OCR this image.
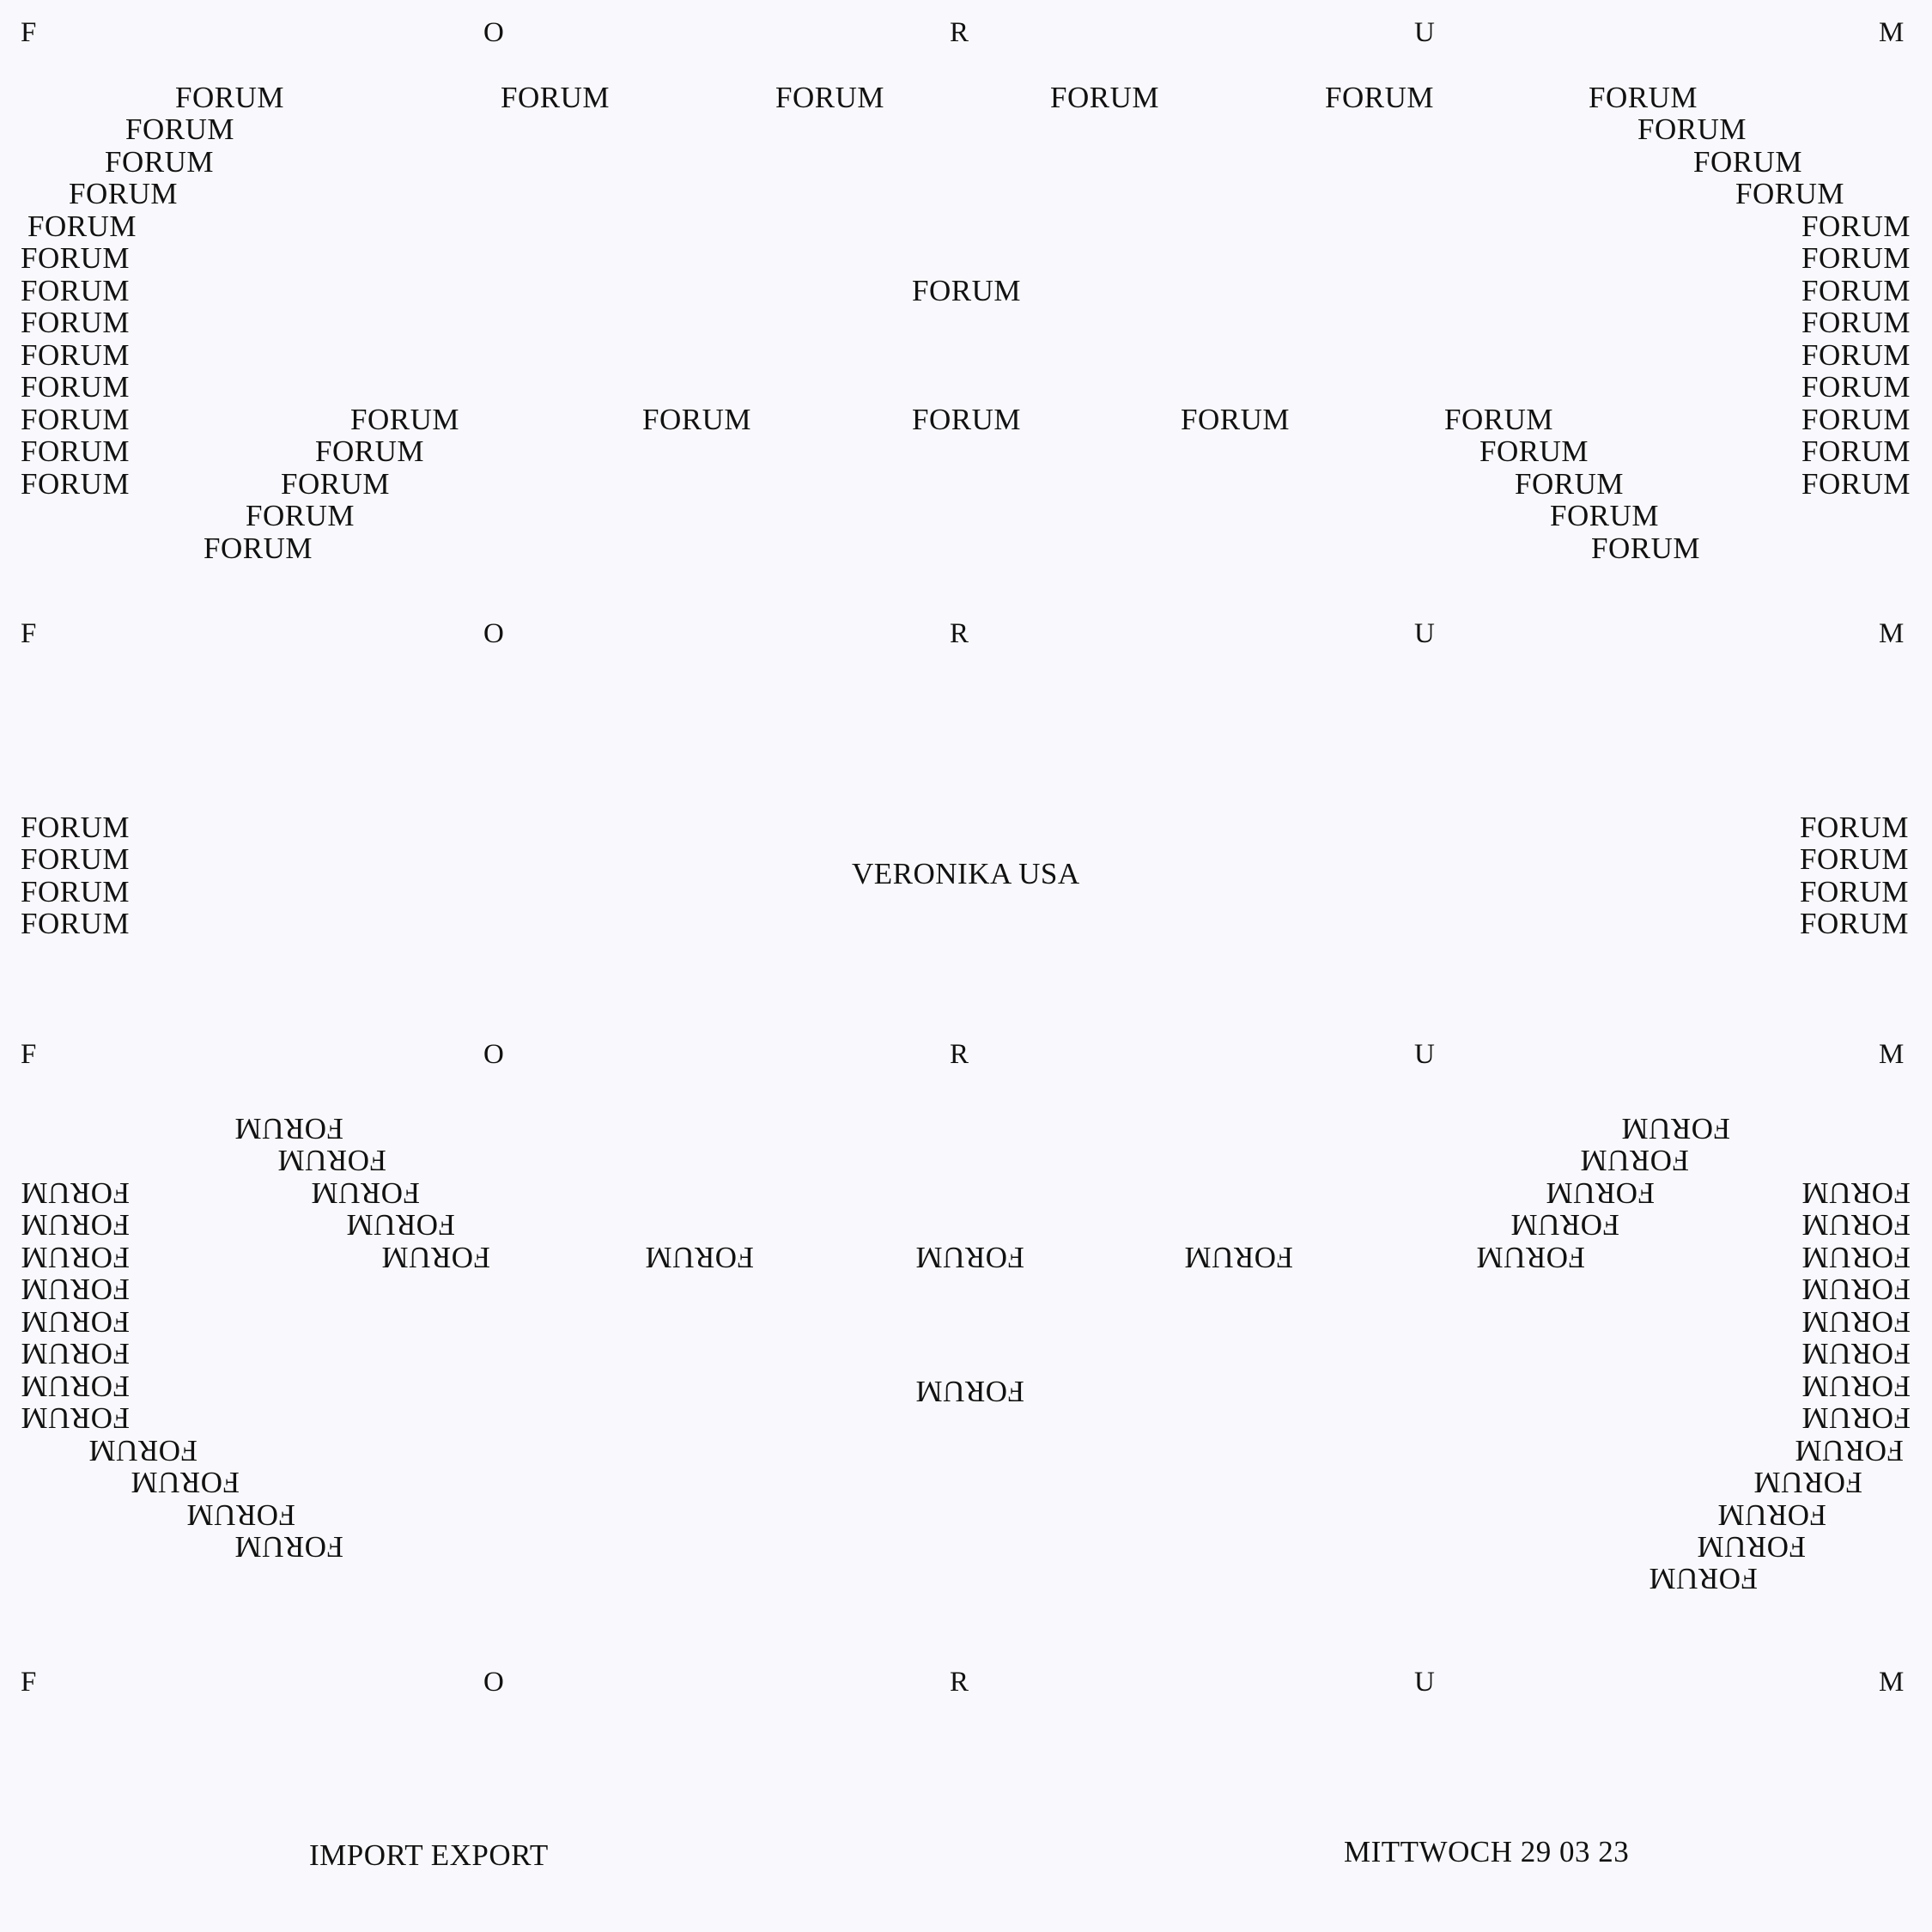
FORUM
FORUM
FORUM
FORUM
FORUM
FORUM
FORUM
FORUM
FORUM
FORUM
FORUM
FORUM
FORUM
FORUM
FORUM
FORUM
FORUM
FORUM
FORUM	FORUM	FORUM	FORUM	FORUM
FORUM
FORUM
FORUM
FORUM
FORUM
FORUM
FORUM
FORUM
FORUM
FORUM
FORUM
FORUM
FORUM
FORUM	FORUM	FORUM	FORUM
FORUM
FORUM
FORUM
FORUM
FORUM
FORUM
FORUM
FORUM
FORUM
FORUM
FORUM
FORUM
FORUM
FORUM
FORUM
FORUM
FORUM
FORUM
FORUM
FORUM
FORUM
FORUM
FORUM
FORUM
FORUM
FORUM
FORUM
FORUM
FORUM
FORUM	FORUM	FORUM	FORUM
FORUM
FORUM
FORUM
FORUM
FORUM
FORUM
FORUM
FORUM
FORUM
FORUM
FORUM
FORUM
FORUM
FORUM
FORUM
FORUM
FORUM
FORUM
F	O	R	U	M
F	O	R	U	M
F	O	R	U	M
F	O	R	U	M
VERONIKA USA
IMPORT EXPORT	MITTWOCH 29 03 23
